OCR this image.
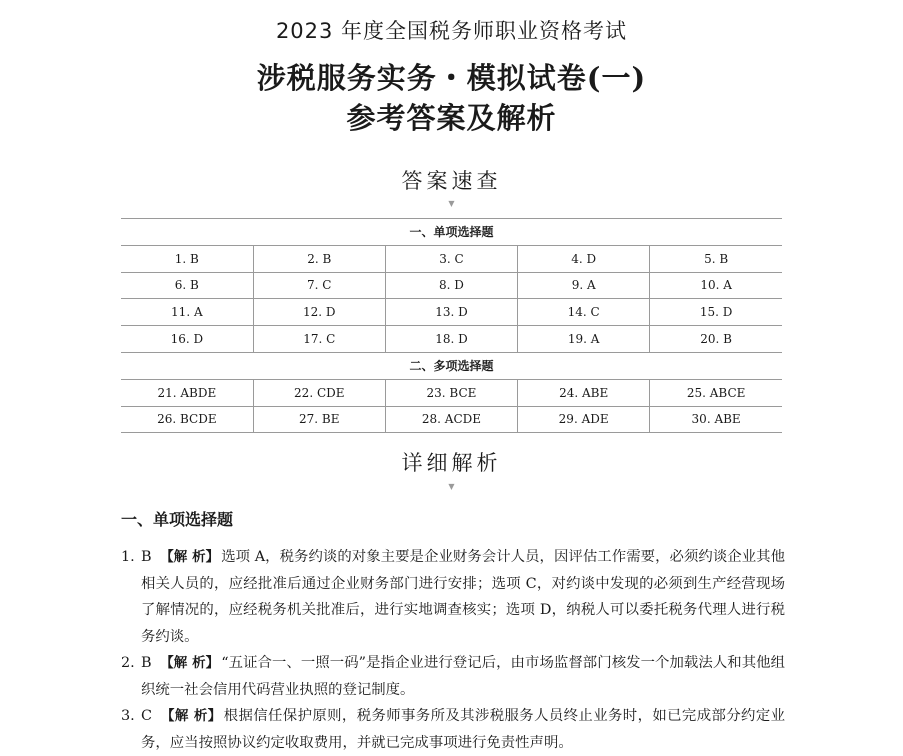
2023 年度全国税务师职业资格考试
涉税服务实务・模拟试卷(一)
参考答案及解析
答案速查
▼
一、单项选择题				
1. B	2. B	3. C	4. D	5. B
6. B	7. C	8. D	9. A	10. A
11. A	12. D	13. D	14. C	15. D
16. D	17. C	18. D	19. A	20. B
二、多项选择题				
21. ABDE	22. CDE	23. BCE	24. ABE	25. ABCE
26. BCDE	27. BE	28. ACDE	29. ADE	30. ABE
详细解析
▼
一、单项选择题
1. B 【解 析】 选项 A，税务约谈的对象主要是企业财务会计人员，因评估工作需要，必须约谈企业其他相关人员的，应经批准后通过企业财务部门进行安排；选项 C，对约谈中发现的必须到生产经营现场了解情况的，应经税务机关批准后，进行实地调查核实；选项 D，纳税人可以委托税务代理人进行税务约谈。
2. B 【解 析】 “五证合一、一照一码”是指企业进行登记后，由市场监督部门核发一个加载法人和其他组织统一社会信用代码营业执照的登记制度。
3. C 【解 析】 根据信任保护原则，税务师事务所及其涉税服务人员终止业务时，如已完成部分约定业务，应当按照协议约定收取费用，并就已完成事项进行免责性声明。
